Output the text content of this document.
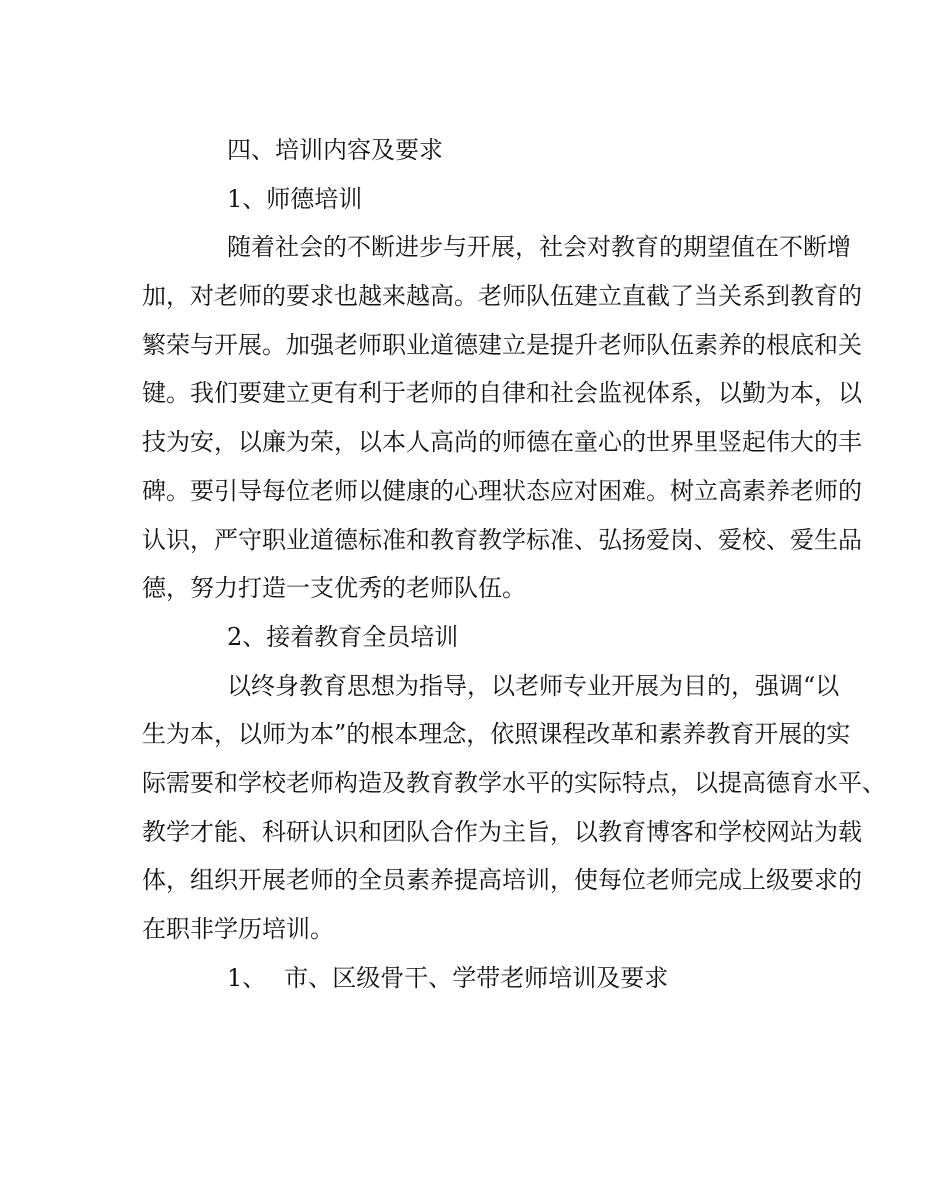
四、培训内容及要求
1、师德培训
随着社会的不断进步与开展，社会对教育的期望值在不断增
加，对老师的要求也越来越高。老师队伍建立直截了当关系到教育的
繁荣与开展。加强老师职业道德建立是提升老师队伍素养的根底和关
键。我们要建立更有利于老师的自律和社会监视体系，以勤为本，以
技为安，以廉为荣，以本人高尚的师德在童心的世界里竖起伟大的丰
碑。要引导每位老师以健康的心理状态应对困难。树立高素养老师的
认识，严守职业道德标准和教育教学标准、弘扬爱岗、爱校、爱生品
德，努力打造一支优秀的老师队伍。
2、接着教育全员培训
以终身教育思想为指导，以老师专业开展为目的，强调“以
生为本，以师为本”的根本理念，依照课程改革和素养教育开展的实
际需要和学校老师构造及教育教学水平的实际特点，以提高德育水平、
教学才能、科研认识和团队合作为主旨，以教育博客和学校网站为载
体，组织开展老师的全员素养提高培训，使每位老师完成上级要求的
在职非学历培训。
1、 市、区级骨干、学带老师培训及要求
